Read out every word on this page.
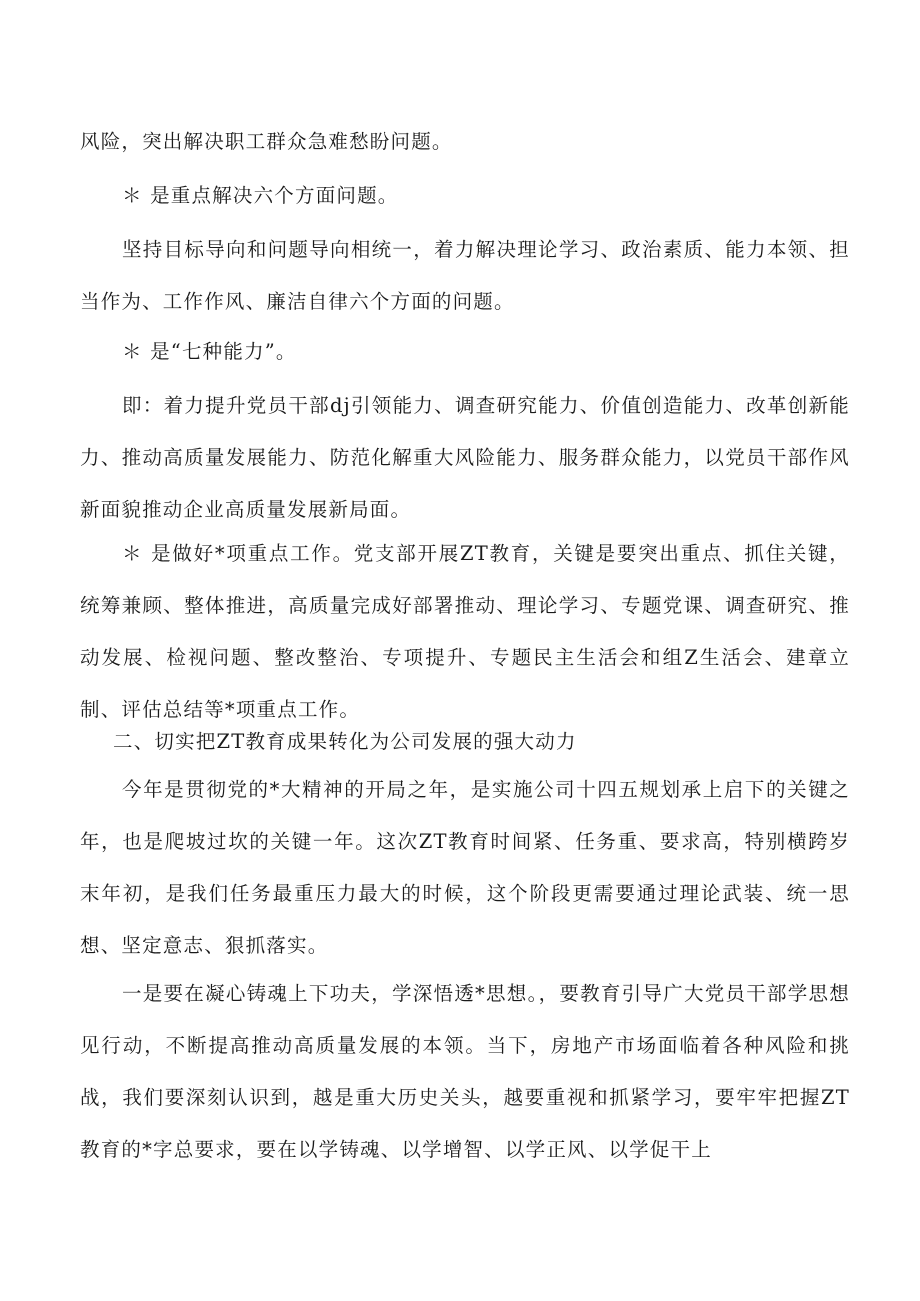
风险，突出解决职工群众急难愁盼问题。

＊ 是重点解决六个方面问题。

坚持目标导向和问题导向相统一，着力解决理论学习、政治素质、能力本领、担当作为、工作作风、廉洁自律六个方面的问题。

＊ 是“七种能力”。

即：着力提升党员干部dj引领能力、调查研究能力、价值创造能力、改革创新能力、推动高质量发展能力、防范化解重大风险能力、服务群众能力，以党员干部作风新面貌推动企业高质量发展新局面。

＊ 是做好*项重点工作。党支部开展ZT教育，关键是要突出重点、抓住关键，统筹兼顾、整体推进，高质量完成好部署推动、理论学习、专题党课、调查研究、推动发展、检视问题、整改整治、专项提升、专题民主生活会和组Z生活会、建章立制、评估总结等*项重点工作。

二、切实把ZT教育成果转化为公司发展的强大动力

今年是贯彻党的*大精神的开局之年，是实施公司十四五规划承上启下的关键之年，也是爬坡过坎的关键一年。这次ZT教育时间紧、任务重、要求高，特别横跨岁末年初，是我们任务最重压力最大的时候，这个阶段更需要通过理论武装、统一思想、坚定意志、狠抓落实。

一是要在凝心铸魂上下功夫，学深悟透*思想。，要教育引导广大党员干部学思想见行动，不断提高推动高质量发展的本领。当下，房地产市场面临着各种风险和挑战，我们要深刻认识到，越是重大历史关头，越要重视和抓紧学习，要牢牢把握ZT教育的*字总要求，要在以学铸魂、以学增智、以学正风、以学促干上
